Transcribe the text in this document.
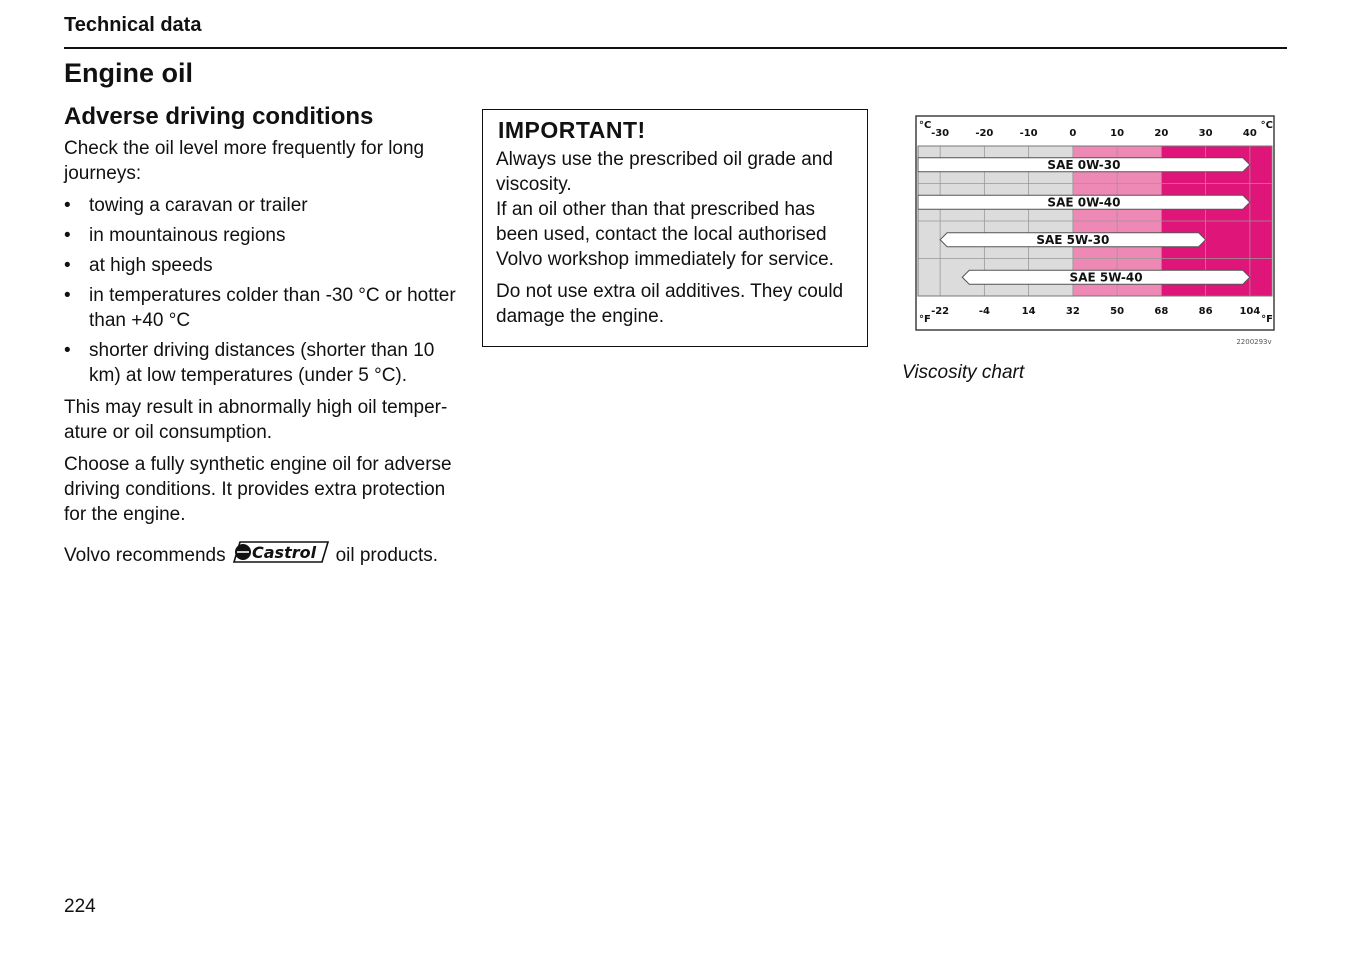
Technical data
Engine oil
Adverse driving conditions

Check the oil level more frequently for long journeys:

• towing a caravan or trailer
• in mountainous regions
• at high speeds
• in temperatures colder than -30 °C or hotter than +40 °C
• shorter driving distances (shorter than 10 km) at low temperatures (under 5 °C).

This may result in abnormally high oil temper-ature or oil consumption.

Choose a fully synthetic engine oil for adverse driving conditions. It provides extra protection for the engine.

Volvo recommends Castrol oil products.

IMPORTANT!

Always use the prescribed oil grade and viscosity.
If an oil other than that prescribed has been used, contact the local authorised Volvo workshop immediately for service.

Do not use extra oil additives. They could damage the engine.

°C	°C
°F	°F
-30	-20	-10	0	10	20	30	40
-22	-4	14	32	50	68	86	104
SAE 0W-30
SAE 0W-40
SAE 5W-30
SAE 5W-40
2200293v
Viscosity chart
224
